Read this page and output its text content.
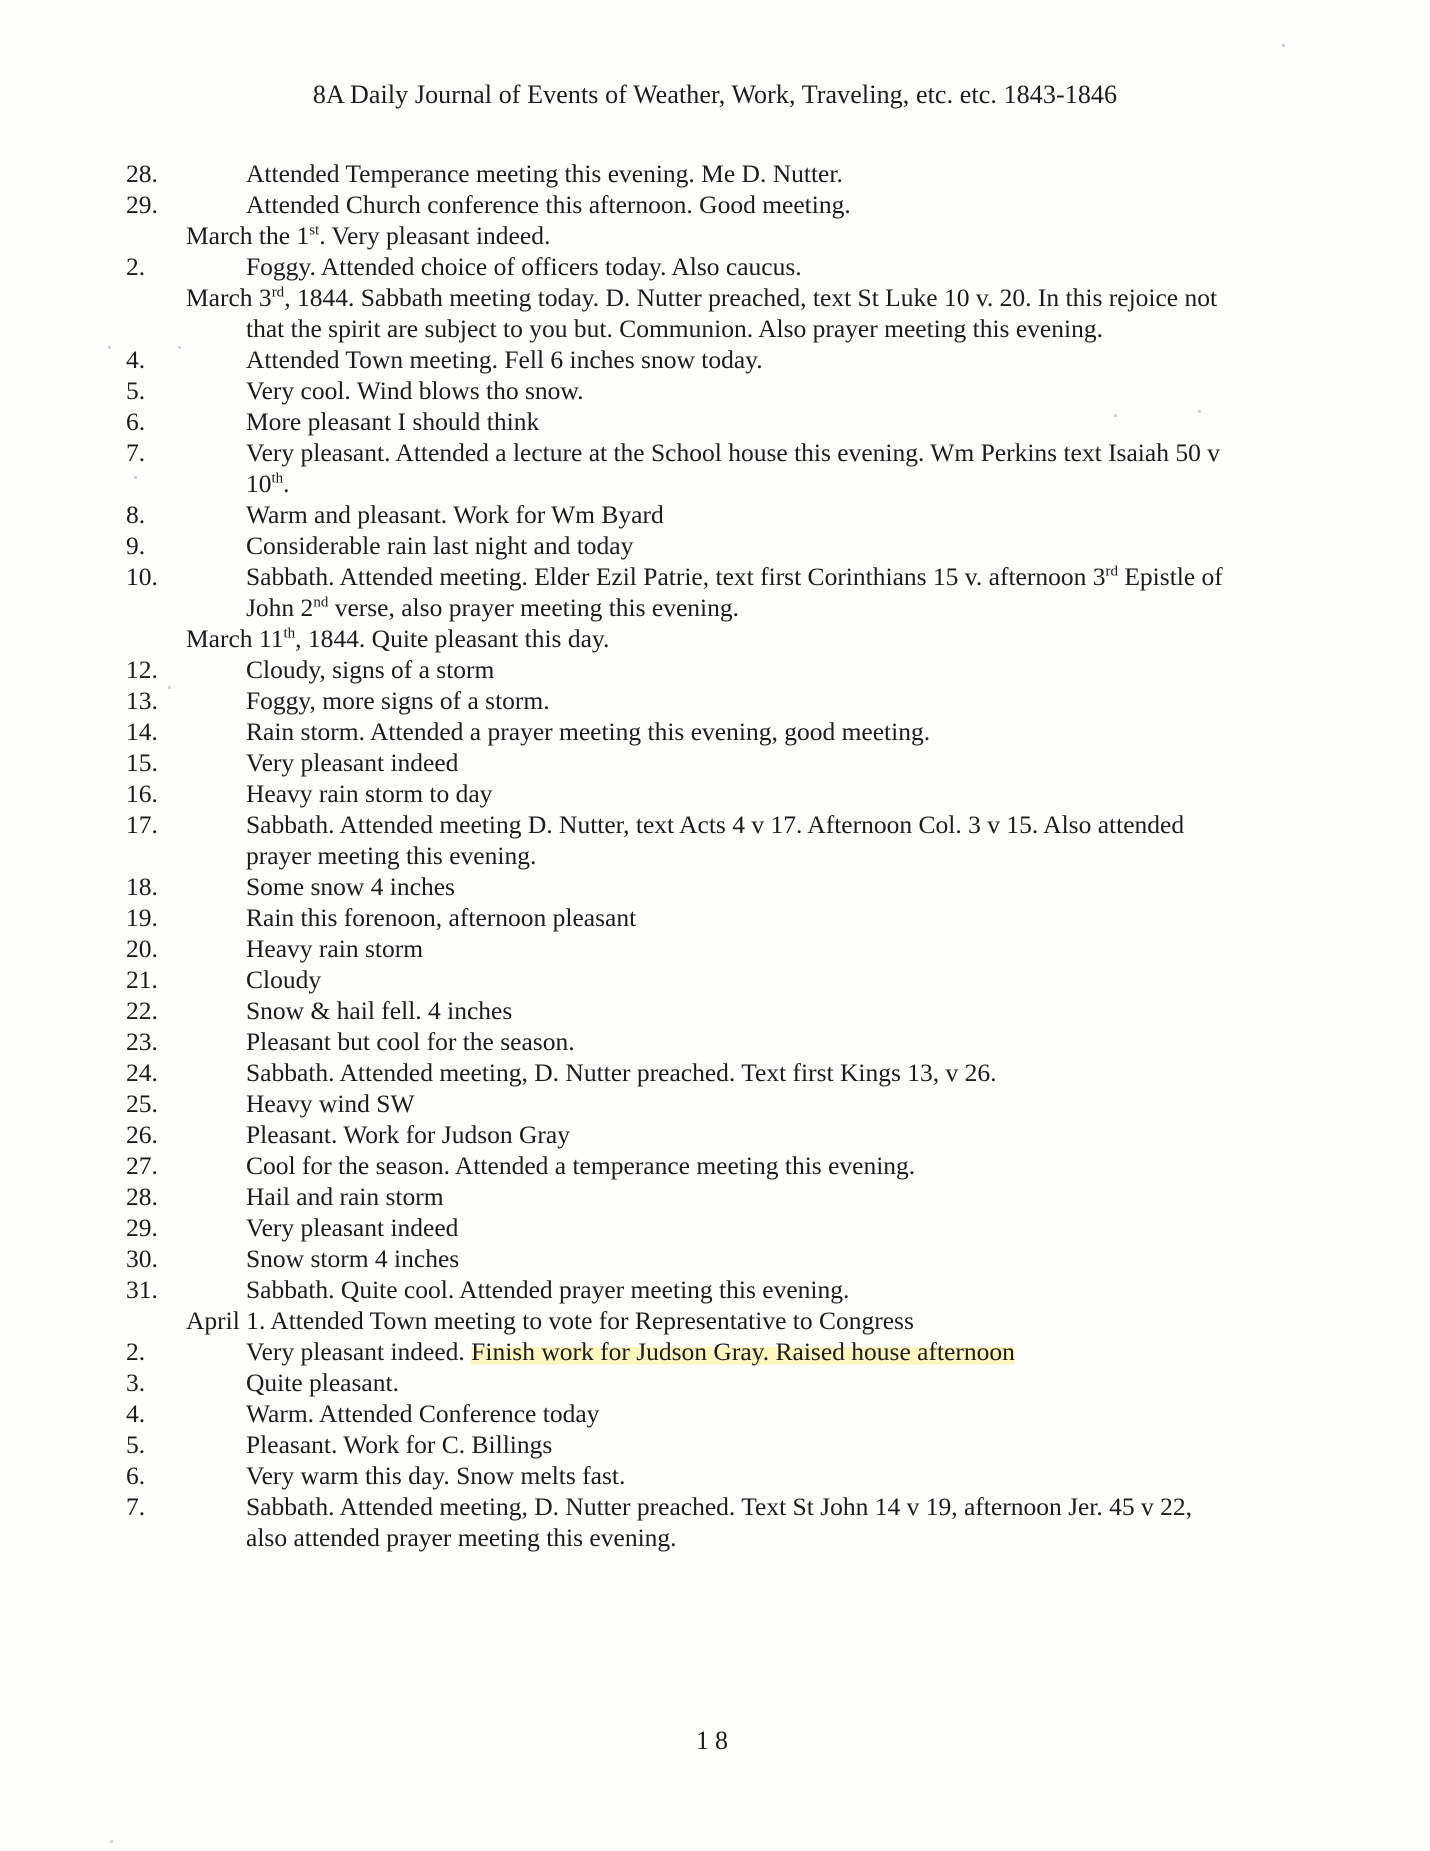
8A Daily Journal of Events of Weather, Work, Traveling, etc. etc. 1843-1846
28.	Attended Temperance meeting this evening. Me D. Nutter.
29.	Attended Church conference this afternoon. Good meeting.
March the 1st. Very pleasant indeed.
2.	Foggy. Attended choice of officers today. Also caucus.
March 3rd, 1844. Sabbath meeting today. D. Nutter preached, text St Luke 10 v. 20. In this rejoice not that the spirit are subject to you but. Communion. Also prayer meeting this evening.
4.	Attended Town meeting. Fell 6 inches snow today.
5.	Very cool. Wind blows tho snow.
6.	More pleasant I should think
7.	Very pleasant. Attended a lecture at the School house this evening. Wm Perkins text Isaiah 50 v 10th.
8.	Warm and pleasant. Work for Wm Byard
9.	Considerable rain last night and today
10.	Sabbath. Attended meeting. Elder Ezil Patrie, text first Corinthians 15 v. afternoon 3rd Epistle of John 2nd verse, also prayer meeting this evening.
March 11th, 1844. Quite pleasant this day.
12.	Cloudy, signs of a storm
13.	Foggy, more signs of a storm.
14.	Rain storm. Attended a prayer meeting this evening, good meeting.
15.	Very pleasant indeed
16.	Heavy rain storm to day
17.	Sabbath. Attended meeting D. Nutter, text Acts 4 v 17. Afternoon Col. 3 v 15. Also attended prayer meeting this evening.
18.	Some snow 4 inches
19.	Rain this forenoon, afternoon pleasant
20.	Heavy rain storm
21.	Cloudy
22.	Snow & hail fell. 4 inches
23.	Pleasant but cool for the season.
24.	Sabbath. Attended meeting, D. Nutter preached. Text first Kings 13, v 26.
25.	Heavy wind SW
26.	Pleasant. Work for Judson Gray
27.	Cool for the season. Attended a temperance meeting this evening.
28.	Hail and rain storm
29.	Very pleasant indeed
30.	Snow storm 4 inches
31.	Sabbath. Quite cool. Attended prayer meeting this evening.
April 1. Attended Town meeting to vote for Representative to Congress
2.	Very pleasant indeed. Finish work for Judson Gray. Raised house afternoon
3.	Quite pleasant.
4.	Warm. Attended Conference today
5.	Pleasant. Work for C. Billings
6.	Very warm this day. Snow melts fast.
7.	Sabbath. Attended meeting, D. Nutter preached. Text St John 14 v 19, afternoon Jer. 45 v 22, also attended prayer meeting this evening.
18
